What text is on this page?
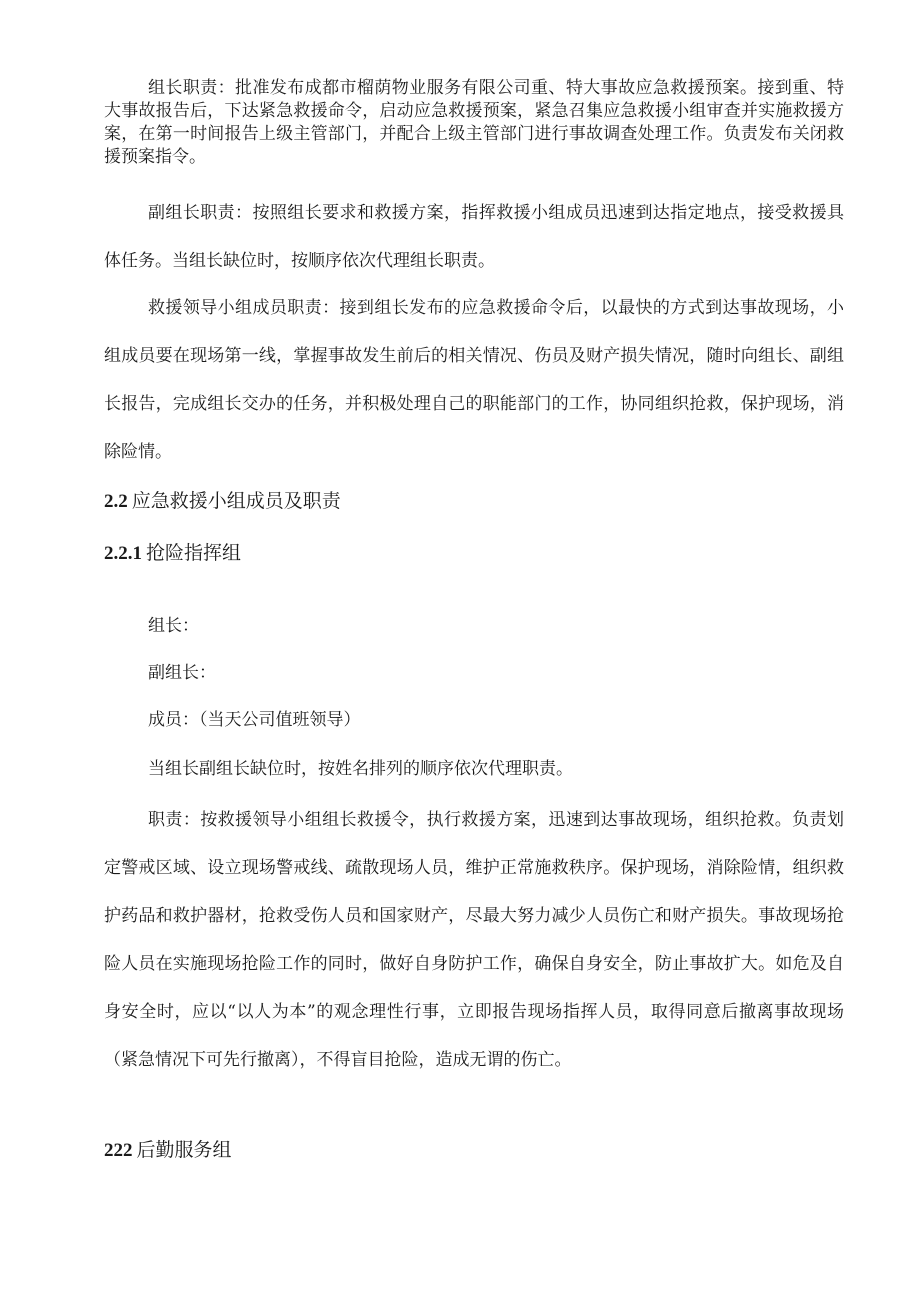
组长职责：批准发布成都市榴荫物业服务有限公司重、特大事故应急救援预案。接到重、特大事故报告后，下达紧急救援命令，启动应急救援预案，紧急召集应急救援小组审查并实施救援方案，在第一时间报告上级主管部门，并配合上级主管部门进行事故调查处理工作。负责发布关闭救援预案指令。

副组长职责：按照组长要求和救援方案，指挥救援小组成员迅速到达指定地点，接受救援具体任务。当组长缺位时，按顺序依次代理组长职责。

救援领导小组成员职责：接到组长发布的应急救援命令后，以最快的方式到达事故现场，小组成员要在现场第一线，掌握事故发生前后的相关情况、伤员及财产损失情况，随时向组长、副组长报告，完成组长交办的任务，并积极处理自己的职能部门的工作，协同组织抢救，保护现场，消除险情。

2.2 应急救援小组成员及职责
2.2.1 抢险指挥组

组长：

副组长：

成员：（当天公司值班领导）

当组长副组长缺位时，按姓名排列的顺序依次代理职责。

职责：按救援领导小组组长救援令，执行救援方案，迅速到达事故现场，组织抢救。负责划定警戒区域、设立现场警戒线、疏散现场人员，维护正常施救秩序。保护现场，消除险情，组织救护药品和救护器材，抢救受伤人员和国家财产，尽最大努力减少人员伤亡和财产损失。事故现场抢险人员在实施现场抢险工作的同时，做好自身防护工作，确保自身安全，防止事故扩大。如危及自身安全时，应以“以人为本”的观念理性行事，立即报告现场指挥人员，取得同意后撤离事故现场（紧急情况下可先行撤离），不得盲目抢险，造成无谓的伤亡。

222 后勤服务组
